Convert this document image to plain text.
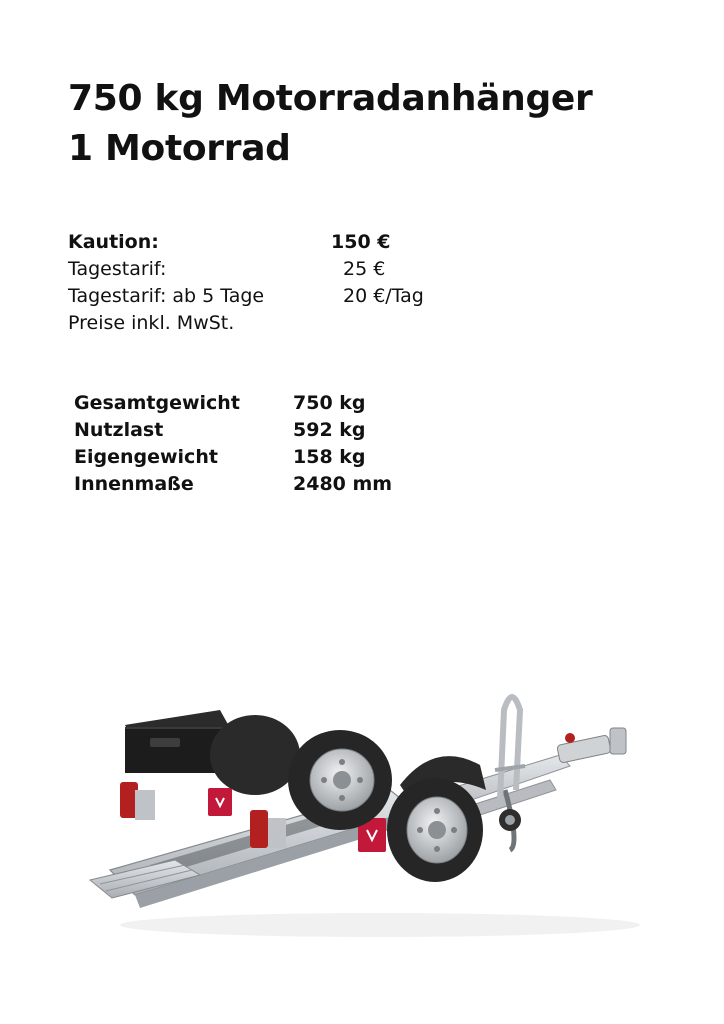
750 kg Motorradanhänger
1 Motorrad
Kaution:	150 €
Tagestarif:	25 €
Tagestarif: ab 5 Tage	20 €/Tag
Preise inkl. MwSt.
Gesamtgewicht	750 kg
Nutzlast	592 kg
Eigengewicht	158 kg
Innenmaße	2480 mm
